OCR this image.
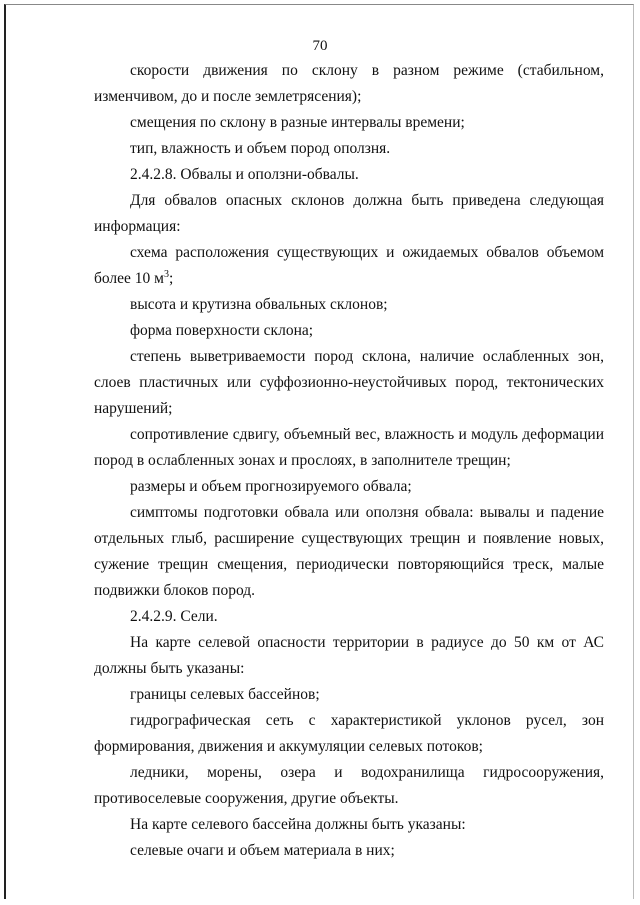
70

скорости движения по склону в разном режиме (стабильном, изменчивом, до и после землетрясения);

смещения по склону в разные интервалы времени;

тип, влажность и объем пород оползня.

2.4.2.8. Обвалы и оползни-обвалы.

Для обвалов опасных склонов должна быть приведена следующая информация:

схема расположения существующих и ожидаемых обвалов объемом более 10 $м^3$;

высота и крутизна обвальных склонов;

форма поверхности склона;

степень выветриваемости пород склона, наличие ослабленных зон, слоев пластичных или суффозионно-неустойчивых пород, тектонических нарушений;

сопротивление сдвигу, объемный вес, влажность и модуль деформации пород в ослабленных зонах и прослоях, в заполнителе трещин;

размеры и объем прогнозируемого обвала;

симптомы подготовки обвала или оползня обвала: вывалы и падение отдельных глыб, расширение существующих трещин и появление новых, сужение трещин смещения, периодически повторяющийся треск, малые подвижки блоков пород.

2.4.2.9. Сели.

На карте селевой опасности территории в радиусе до 50 км от АС должны быть указаны:

границы селевых бассейнов;

гидрографическая сеть с характеристикой уклонов русел, зон формирования, движения и аккумуляции селевых потоков;

ледники, морены, озера и водохранилища гидросооружения, противоселевые сооружения, другие объекты.

На карте селевого бассейна должны быть указаны:

селевые очаги и объем материала в них;
